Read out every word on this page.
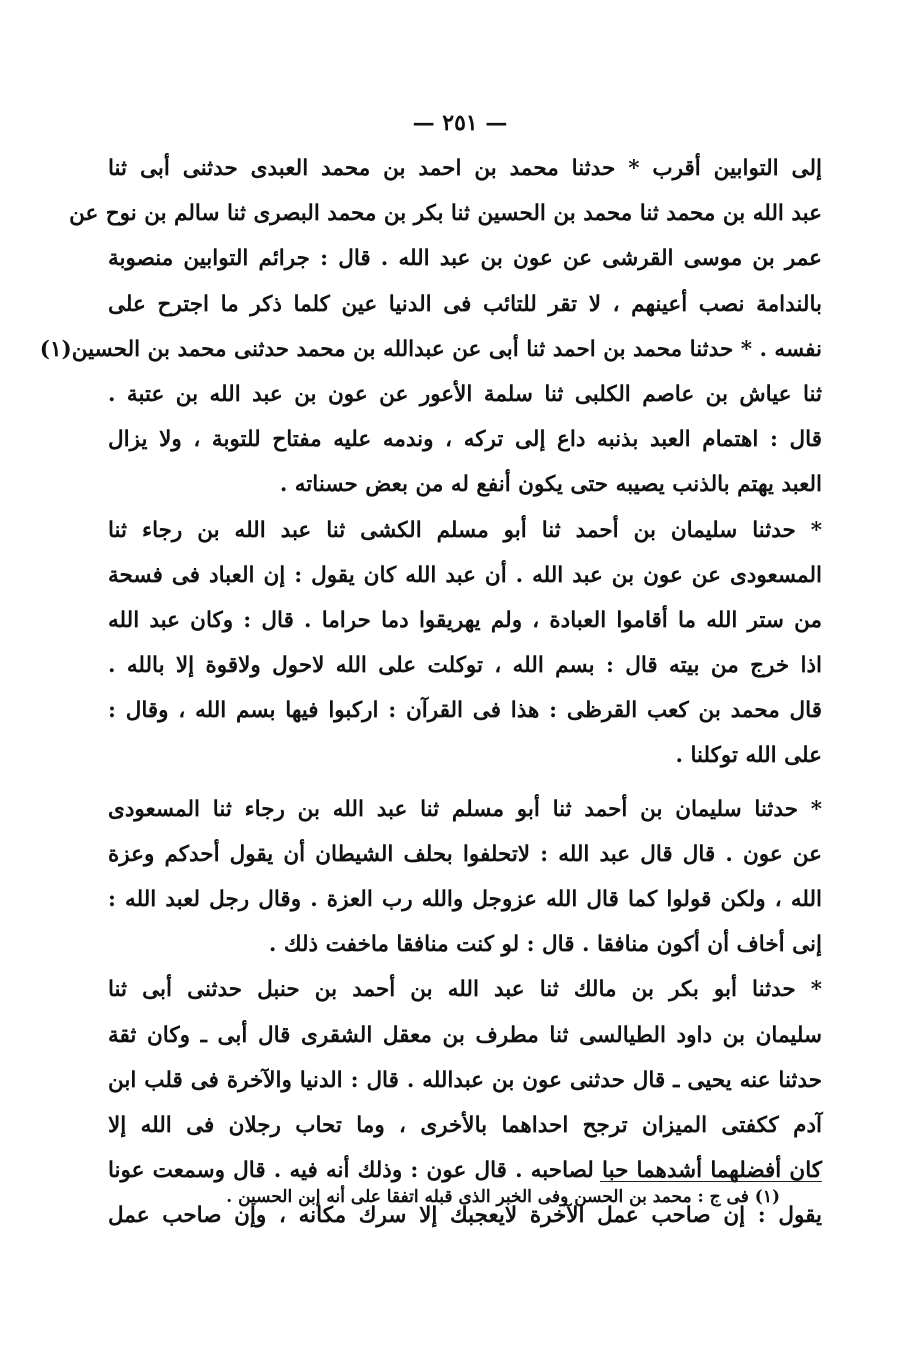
— ٢٥١ —
إلى التوابين أقرب * حدثنا محمد بن احمد بن محمد العبدى حدثنى أبى ثنا
عبد الله بن محمد ثنا محمد بن الحسين ثنا بكر بن محمد البصرى ثنا سالم بن نوح عن
عمر بن موسى القرشى عن عون بن عبد الله . قال : جرائم التوابين منصوبة
بالندامة نصب أعينهم ، لا تقر للتائب فى الدنيا عين كلما ذكر ما اجترح على
نفسه . * حدثنا محمد بن احمد ثنا أبى عن عبدالله بن محمد حدثنى محمد بن الحسين(١)
ثنا عياش بن عاصم الكلبى ثنا سلمة الأعور عن عون بن عبد الله بن عتبة .
قال : اهتمام العبد بذنبه داع إلى تركه ، وندمه عليه مفتاح للتوبة ، ولا يزال
العبد يهتم بالذنب يصيبه حتى يكون أنفع له من بعض حسناته .
* حدثنا سليمان بن أحمد ثنا أبو مسلم الكشى ثنا عبد الله بن رجاء ثنا
المسعودى عن عون بن عبد الله . أن عبد الله كان يقول : إن العباد فى فسحة
من ستر الله ما أقاموا العبادة ، ولم يهريقوا دما حراما . قال : وكان عبد الله
اذا خرج من بيته قال : بسم الله ، توكلت على الله لاحول ولاقوة إلا بالله .
قال محمد بن كعب القرظى : هذا فى القرآن : اركبوا فيها بسم الله ، وقال :
على الله توكلنا .
* حدثنا سليمان بن أحمد ثنا أبو مسلم ثنا عبد الله بن رجاء ثنا المسعودى
عن عون . قال قال عبد الله : لاتحلفوا بحلف الشيطان أن يقول أحدكم وعزة
الله ، ولكن قولوا كما قال الله عزوجل والله رب العزة . وقال رجل لعبد الله :
إنى أخاف أن أكون منافقا . قال : لو كنت منافقا ماخفت ذلك .
* حدثنا أبو بكر بن مالك ثنا عبد الله بن أحمد بن حنبل حدثنى أبى ثنا
سليمان بن داود الطيالسى ثنا مطرف بن معقل الشقرى قال أبى ـ وكان ثقة
حدثنا عنه يحيى ـ قال حدثنى عون بن عبدالله . قال : الدنيا والآخرة فى قلب ابن
آدم ككفتى الميزان ترجح احداهما بالأخرى ، وما تحاب رجلان فى الله إلا
كان أفضلهما أشدهما حبا لصاحبه . قال عون : وذلك أنه فيه . قال وسمعت عونا
يقول : إن صاحب عمل الآخرة لايعجبك إلا سرك مكانه ، وإن صاحب عمل
(١) فى ج : محمد بن الحسن وفى الخبر الذى قبله اتفقا على أنه إبن الحسين .
